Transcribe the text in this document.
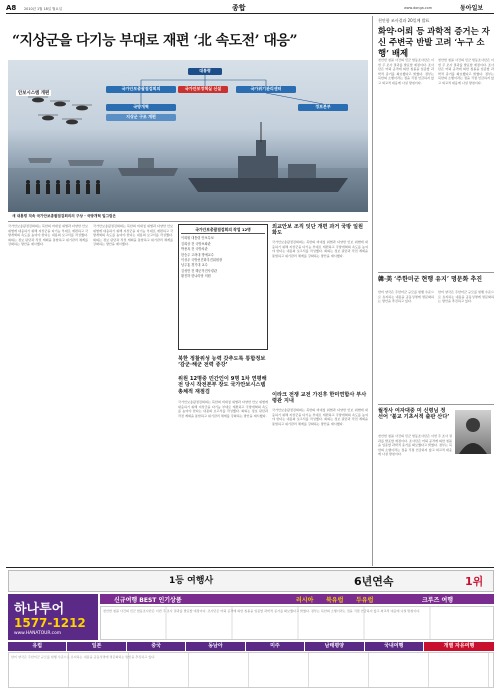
A8 2010년 1월 18일 월요일	종합	www.donga.com	동아일보
“지상군을 다기능 부대로 재편 ‘北 속도전’ 대응”
안보시스템 개편
대통령
국가안보총괄점검회의	국가안보정책실 신설
국방개혁
지상군 구조 개편
국가위기관리센터
정보본부
새 대통령 직속 국가안보총괄점검회의의 구상 - 국방개혁 밑그림은
국가안보총괄점검회의는 북한의 비대칭 위협과 다양한 안보 위협에 대응하기 위해 지상군을 다기능 부대로 재편하고 국방개혁의 속도를 높여야 한다는 내용의 보고서를 작성했다. 회의는 정보 판단과 작전 계획을 통합하고 위기관리 체계를 강화하는 방안을 제시했다.
국가안보총괄점검회의는 북한의 비대칭 위협과 다양한 안보 위협에 대응하기 위해 지상군을 다기능 부대로 재편하고 국방개혁의 속도를 높여야 한다는 내용의 보고서를 작성했다. 회의는 정보 판단과 작전 계획을 통합하고 위기관리 체계를 강화하는 방안을 제시했다.
국가안보총괄점검회의 작업 12명
이희원 대통령 안보특보
김희상 전 국방보좌관
박용옥 전 국방차관
한승주 고려대 명예교수
이상우 국방선진화추진위원장
남주홍 경기대 교수
김성만 전 해군작전사령관
황진하 한나라당 의원
북한 정찰위성 능력 갖추도록 통합정보 ‘감군·해군 전력 증강’
위원 12명중 민간인이 9명 1차 연평해전 당시 작전본부 장도 국가안보시스템 총체적 재점검
국가안보총괄점검회의는 북한의 비대칭 위협과 다양한 안보 위협에 대응하기 위해 지상군을 다기능 부대로 재편하고 국방개혁의 속도를 높여야 한다는 내용의 보고서를 작성했다. 회의는 정보 판단과 작전 계획을 통합하고 위기관리 체계를 강화하는 방안을 제시했다.
외교안보 조직 잇단 개편 과거 국방 일원화도
국가안보총괄점검회의는 북한의 비대칭 위협과 다양한 안보 위협에 대응하기 위해 지상군을 다기능 부대로 재편하고 국방개혁의 속도를 높여야 한다는 내용의 보고서를 작성했다. 회의는 정보 판단과 작전 계획을 통합하고 위기관리 체계를 강화하는 방안을 제시했다.
이라크 전쟁 교전 가진후 한미연합사 부사령관 지내
국가안보총괄점검회의는 북한의 비대칭 위협과 다양한 안보 위협에 대응하기 위해 지상군을 다기능 부대로 재편하고 국방개혁의 속도를 높여야 한다는 내용의 보고서를 작성했다. 회의는 정보 판단과 작전 계획을 통합하고 위기관리 체계를 강화하는 방안을 제시했다.
천안함 조사결과 20일께 발표
화약·어뢰 등 과학적 증거는 자신 주변국 반발 고려 ‘누구 소행’ 배제
천안함 침몰 사건의 민군 합동조사단은 이번 주 조사 결과를 발표할 예정이다. 조사단은 어뢰 공격에 의한 침몰을 입증할 과학적 증거를 확보했다고 밝혔다. 정부는 북한의 소행이라는 점을 직접 언급하지 않고 외교적 대응에 나설 방침이다.
천안함 침몰 사건의 민군 합동조사단은 이번 주 조사 결과를 발표할 예정이다. 조사단은 어뢰 공격에 의한 침몰을 입증할 과학적 증거를 확보했다고 밝혔다. 정부는 북한의 소행이라는 점을 직접 언급하지 않고 외교적 대응에 나설 방침이다.
韓·美 ‘주한미군 현행 유지’ 명문화 추진
한미 양국은 주한미군 규모를 현행 수준으로 유지하는 내용을 공동성명에 명문화하는 방안을 추진하고 있다.
한미 양국은 주한미군 규모를 현행 수준으로 유지하는 내용을 공동성명에 명문화하는 방안을 추진하고 있다.
월정사 여자대중 미 신령님 정선어 ‘불교 기초서적 출판 산다’
천안함 침몰 사건의 민군 합동조사단은 이번 주 조사 결과를 발표할 예정이다. 조사단은 어뢰 공격에 의한 침몰을 입증할 과학적 증거를 확보했다고 밝혔다. 정부는 북한의 소행이라는 점을 직접 언급하지 않고 외교적 대응에 나설 방침이다.
1등 여행사	6년연속	1위
하나투어
1577-1212
www.HANATOUR.com
신규여행 BEST 인기상품	러시아 북유럽 두유럽	크루즈 여행
천안함 침몰 사건의 민군 합동조사단은 이번 주 조사 결과를 발표할 예정이다. 조사단은 어뢰 공격에 의한 침몰을 입증할 과학적 증거를 확보했다고 밝혔다. 정부는 북한의 소행이라는 점을 직접 언급하지 않고 외교적 대응에 나설 방침이다.
유럽	일본	중국	동남아	미주	남태평양	국내여행	개별 자유여행
한미 양국은 주한미군 규모를 현행 수준으로 유지하는 내용을 공동성명에 명문화하는 방안을 추진하고 있다.
